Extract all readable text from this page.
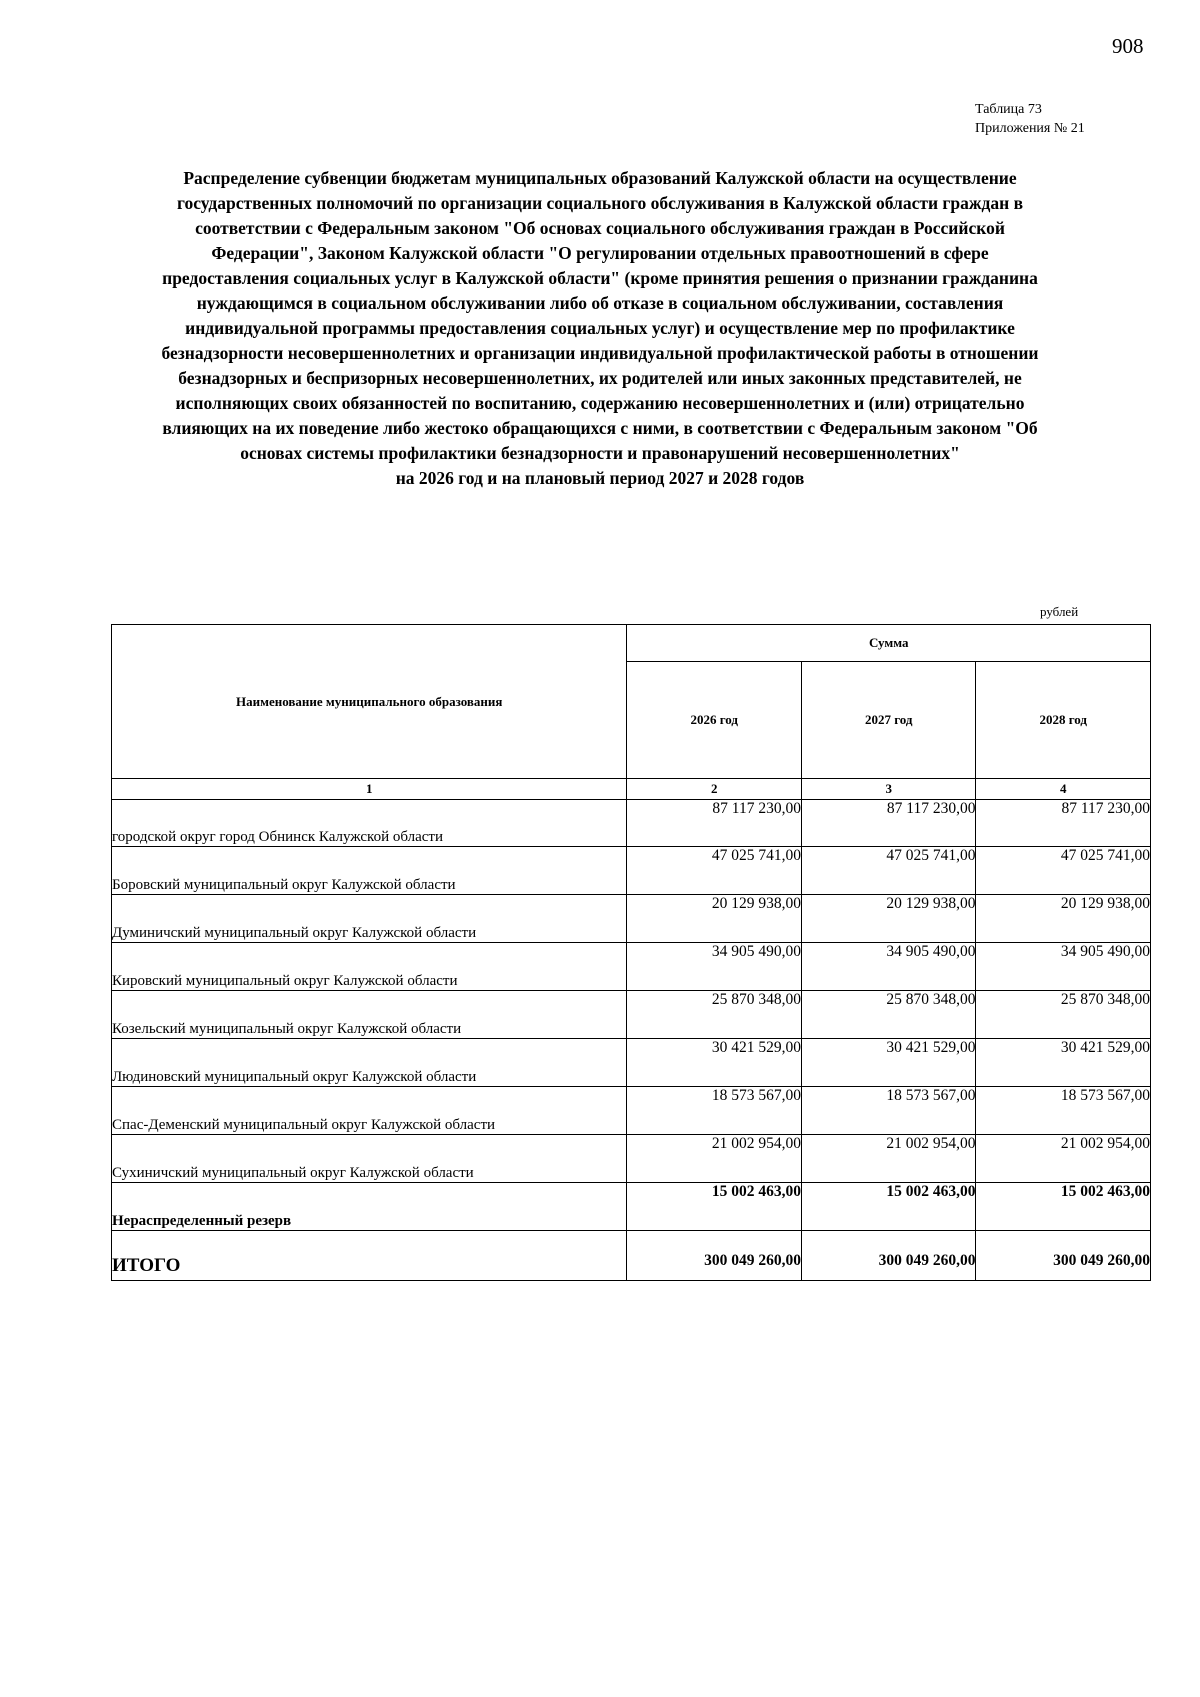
908
Таблица 73
Приложения № 21

Распределение субвенции бюджетам муниципальных образований Калужской области на осуществление

государственных полномочий по организации социального обслуживания в Калужской области граждан в

соответствии с Федеральным законом "Об основах социального обслуживания граждан в Российской

Федерации", Законом Калужской области "О регулировании отдельных правоотношений в сфере

предоставления социальных услуг в Калужской области" (кроме принятия решения о признании гражданина

нуждающимся в социальном обслуживании либо об отказе в социальном обслуживании, составления

индивидуальной программы предоставления социальных услуг) и осуществление мер по профилактике

безнадзорности несовершеннолетних и организации индивидуальной профилактической работы в отношении

безнадзорных и беспризорных несовершеннолетних, их родителей или иных законных представителей, не

исполняющих своих обязанностей по воспитанию, содержанию несовершеннолетних и (или) отрицательно

влияющих на их поведение либо жестоко обращающихся с ними, в соответствии с Федеральным законом "Об

основах системы профилактики безнадзорности и правонарушений несовершеннолетних"

на 2026 год и на плановый период 2027 и 2028 годов

рублей
Наименование муниципального образования	Сумма		
	2026 год	2027 год	2028 год
1	2	3	4
городской округ город Обнинск Калужской области	87 117 230,00	87 117 230,00	87 117 230,00
Боровский муниципальный округ Калужской области	47 025 741,00	47 025 741,00	47 025 741,00
Думиничский муниципальный округ Калужской области	20 129 938,00	20 129 938,00	20 129 938,00
Кировский муниципальный округ Калужской области	34 905 490,00	34 905 490,00	34 905 490,00
Козельский муниципальный округ Калужской области	25 870 348,00	25 870 348,00	25 870 348,00
Людиновский муниципальный округ Калужской области	30 421 529,00	30 421 529,00	30 421 529,00
Спас-Деменский муниципальный округ Калужской области	18 573 567,00	18 573 567,00	18 573 567,00
Сухиничский муниципальный округ Калужской области	21 002 954,00	21 002 954,00	21 002 954,00
Нераспределенный резерв	15 002 463,00	15 002 463,00	15 002 463,00
ИТОГО	300 049 260,00	300 049 260,00	300 049 260,00
